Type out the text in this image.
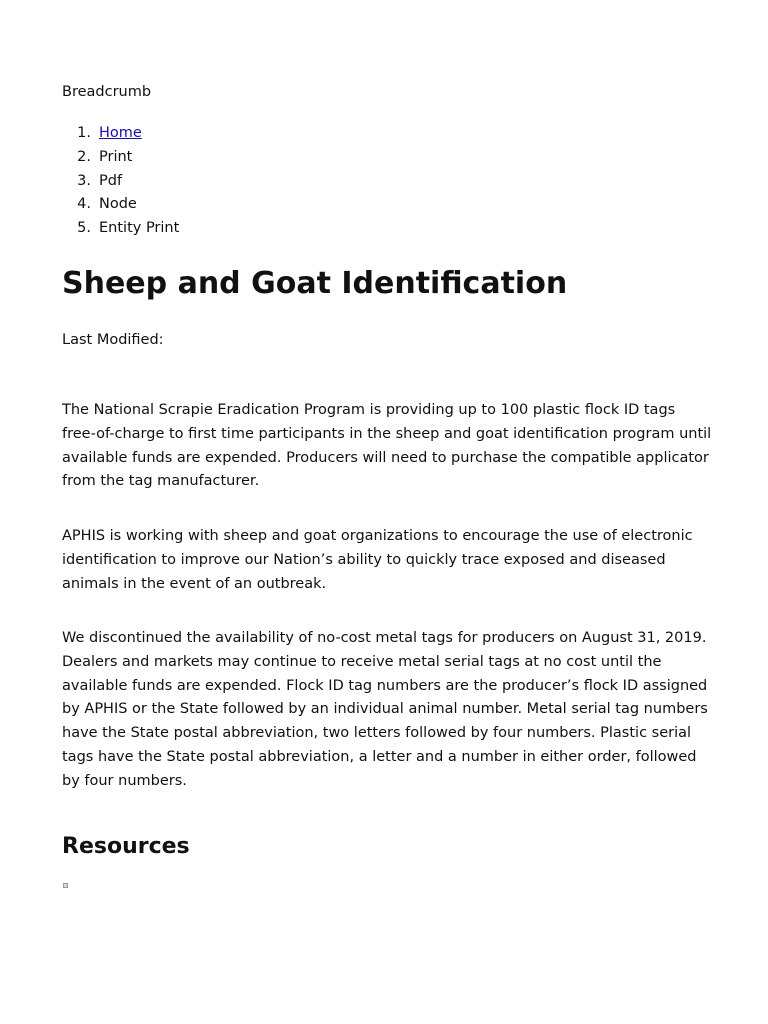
Breadcrumb
1. Home
2. Print
3. Pdf
4. Node
5. Entity Print
Sheep and Goat Identification

Last Modified:

The National Scrapie Eradication Program is providing up to 100 plastic flock ID tags free-of-charge to first time participants in the sheep and goat identification program until available funds are expended. Producers will need to purchase the compatible applicator from the tag manufacturer.

APHIS is working with sheep and goat organizations to encourage the use of electronic identification to improve our Nation’s ability to quickly trace exposed and diseased animals in the event of an outbreak.

We discontinued the availability of no-cost metal tags for producers on August 31, 2019. Dealers and markets may continue to receive metal serial tags at no cost until the available funds are expended. Flock ID tag numbers are the producer’s flock ID assigned by APHIS or the State followed by an individual animal number. Metal serial tag numbers have the State postal abbreviation, two letters followed by four numbers. Plastic serial tags have the State postal abbreviation, a letter and a number in either order, followed by four numbers.

Resources
